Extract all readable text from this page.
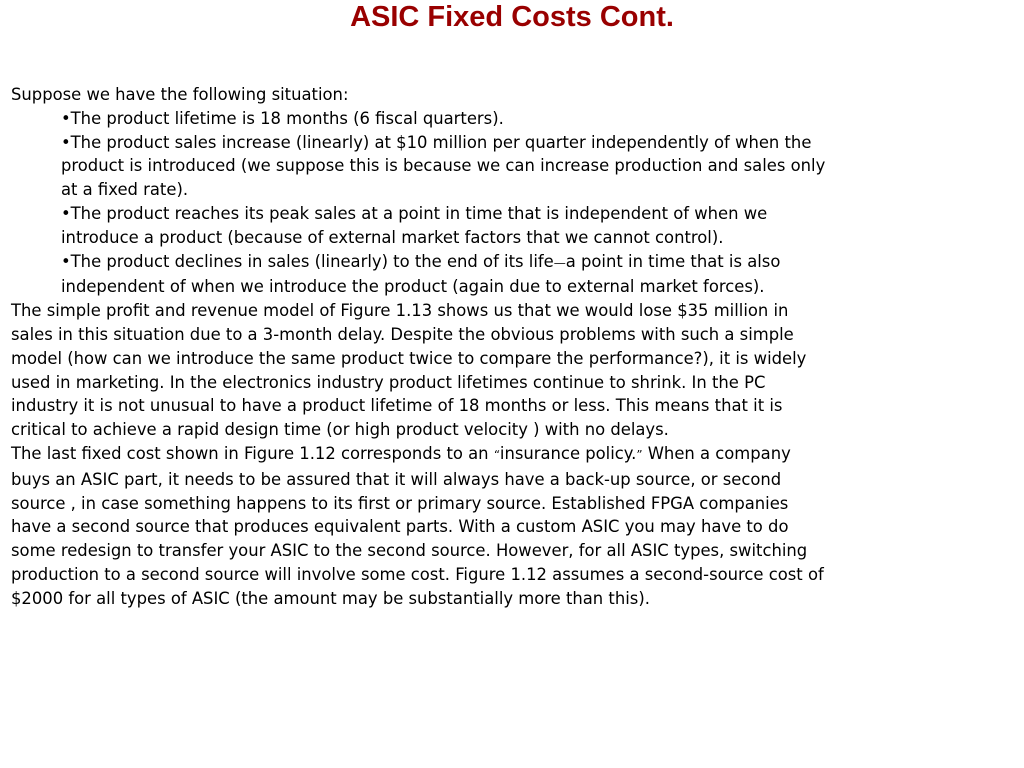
ASIC Fixed Costs Cont.
Suppose we have the following situation:
•The product lifetime is 18 months (6 fiscal quarters).
•The product sales increase (linearly) at $10 million per quarter independently of when the
product is introduced (we suppose this is because we can increase production and sales only
at a fixed rate).
•The product reaches its peak sales at a point in time that is independent of when we
introduce a product (because of external market factors that we cannot control).
•The product declines in sales (linearly) to the end of its life—a point in time that is also
independent of when we introduce the product (again due to external market forces).
The simple profit and revenue model of Figure 1.13 shows us that we would lose $35 million in
sales in this situation due to a 3-month delay. Despite the obvious problems with such a simple
model (how can we introduce the same product twice to compare the performance?), it is widely
used in marketing. In the electronics industry product lifetimes continue to shrink. In the PC
industry it is not unusual to have a product lifetime of 18 months or less. This means that it is
critical to achieve a rapid design time (or high product velocity ) with no delays.
The last fixed cost shown in Figure 1.12 corresponds to an “insurance policy.” When a company
buys an ASIC part, it needs to be assured that it will always have a back-up source, or second
source , in case something happens to its first or primary source. Established FPGA companies
have a second source that produces equivalent parts. With a custom ASIC you may have to do
some redesign to transfer your ASIC to the second source. However, for all ASIC types, switching
production to a second source will involve some cost. Figure 1.12 assumes a second-source cost of
$2000 for all types of ASIC (the amount may be substantially more than this).
